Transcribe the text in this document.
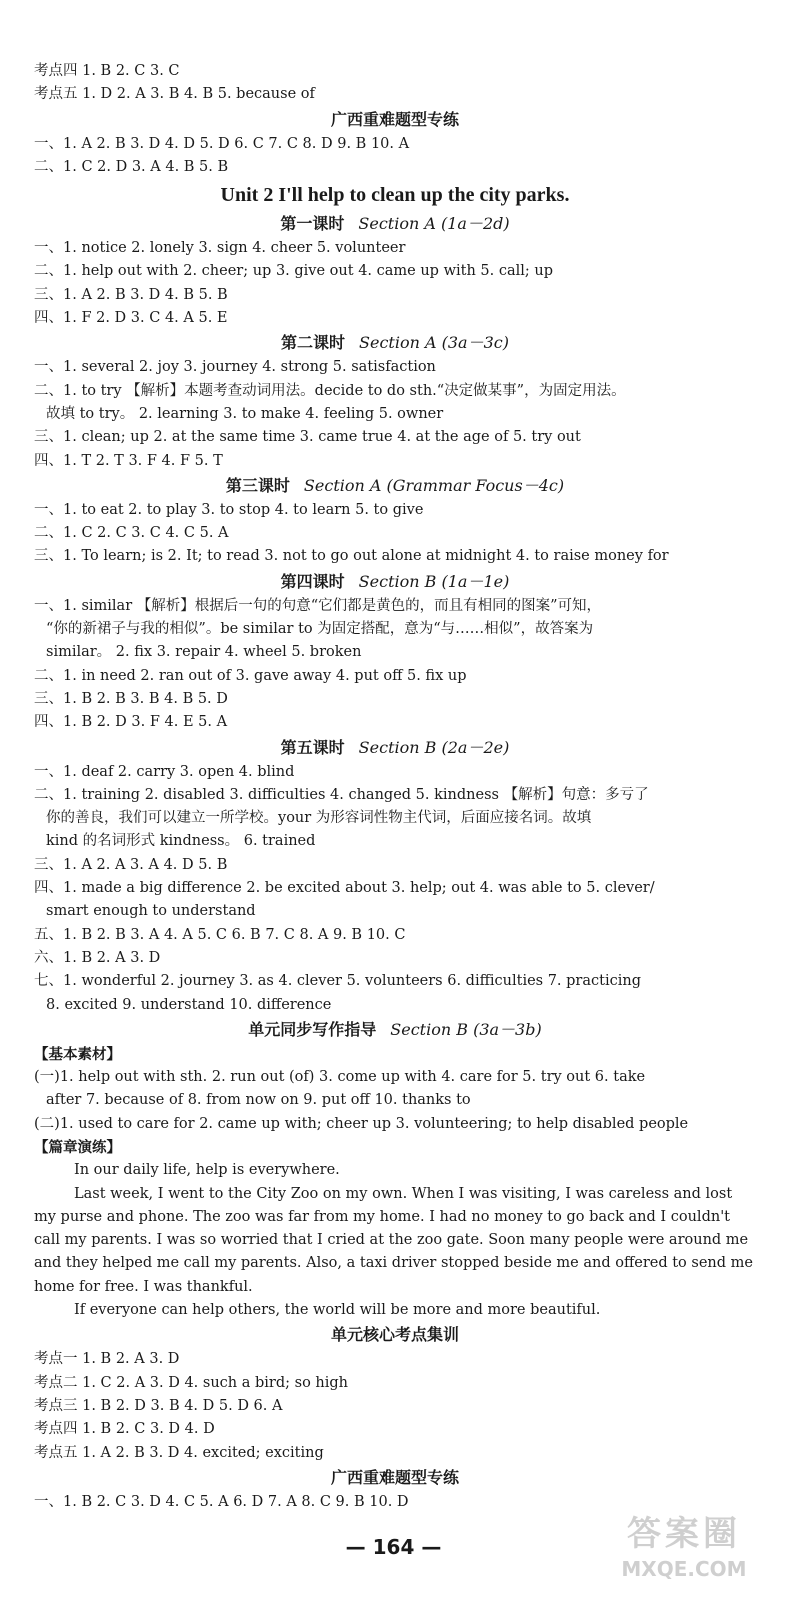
考点四 1. B 2. C 3. C
考点五 1. D 2. A 3. B 4. B 5. because of
广西重难题型专练
一、1. A 2. B 3. D 4. D 5. D 6. C 7. C 8. D 9. B 10. A
二、1. C 2. D 3. A 4. B 5. B
Unit 2 I'll help to clean up the city parks.
第一课时 Section A (1a－2d)
一、1. notice 2. lonely 3. sign 4. cheer 5. volunteer
二、1. help out with 2. cheer; up 3. give out 4. came up with 5. call; up
三、1. A 2. B 3. D 4. B 5. B
四、1. F 2. D 3. C 4. A 5. E
第二课时 Section A (3a－3c)
一、1. several 2. joy 3. journey 4. strong 5. satisfaction
二、1. to try 【解析】本题考查动词用法。decide to do sth.“决定做某事”，为固定用法。
故填 to try。 2. learning 3. to make 4. feeling 5. owner
三、1. clean; up 2. at the same time 3. came true 4. at the age of 5. try out
四、1. T 2. T 3. F 4. F 5. T
第三课时 Section A (Grammar Focus－4c)
一、1. to eat 2. to play 3. to stop 4. to learn 5. to give
二、1. C 2. C 3. C 4. C 5. A
三、1. To learn; is 2. It; to read 3. not to go out alone at midnight 4. to raise money for
第四课时 Section B (1a－1e)
一、1. similar 【解析】根据后一句的句意“它们都是黄色的，而且有相同的图案”可知，
“你的新裙子与我的相似”。be similar to 为固定搭配，意为“与……相似”，故答案为
similar。 2. fix 3. repair 4. wheel 5. broken
二、1. in need 2. ran out of 3. gave away 4. put off 5. fix up
三、1. B 2. B 3. B 4. B 5. D
四、1. B 2. D 3. F 4. E 5. A
第五课时 Section B (2a－2e)
一、1. deaf 2. carry 3. open 4. blind
二、1. training 2. disabled 3. difficulties 4. changed 5. kindness 【解析】句意：多亏了
你的善良，我们可以建立一所学校。your 为形容词性物主代词，后面应接名词。故填
kind 的名词形式 kindness。 6. trained
三、1. A 2. A 3. A 4. D 5. B
四、1. made a big difference 2. be excited about 3. help; out 4. was able to 5. clever/
smart enough to understand
五、1. B 2. B 3. A 4. A 5. C 6. B 7. C 8. A 9. B 10. C
六、1. B 2. A 3. D
七、1. wonderful 2. journey 3. as 4. clever 5. volunteers 6. difficulties 7. practicing
8. excited 9. understand 10. difference
单元同步写作指导 Section B (3a－3b)
【基本素材】
(一)1. help out with sth. 2. run out (of) 3. come up with 4. care for 5. try out 6. take
after 7. because of 8. from now on 9. put off 10. thanks to
(二)1. used to care for 2. came up with; cheer up 3. volunteering; to help disabled people
【篇章演练】
In our daily life, help is everywhere.
Last week, I went to the City Zoo on my own. When I was visiting, I was careless and lost my purse and phone. The zoo was far from my home. I had no money to go back and I couldn't call my parents. I was so worried that I cried at the zoo gate. Soon many people were around me and they helped me call my parents. Also, a taxi driver stopped beside me and offered to send me home for free. I was thankful.
If everyone can help others, the world will be more and more beautiful.
单元核心考点集训
考点一 1. B 2. A 3. D
考点二 1. C 2. A 3. D 4. such a bird; so high
考点三 1. B 2. D 3. B 4. D 5. D 6. A
考点四 1. B 2. C 3. D 4. D
考点五 1. A 2. B 3. D 4. excited; exciting
广西重难题型专练
一、1. B 2. C 3. D 4. C 5. A 6. D 7. A 8. C 9. B 10. D
— 164 —	答案圈
MXQE.COM
